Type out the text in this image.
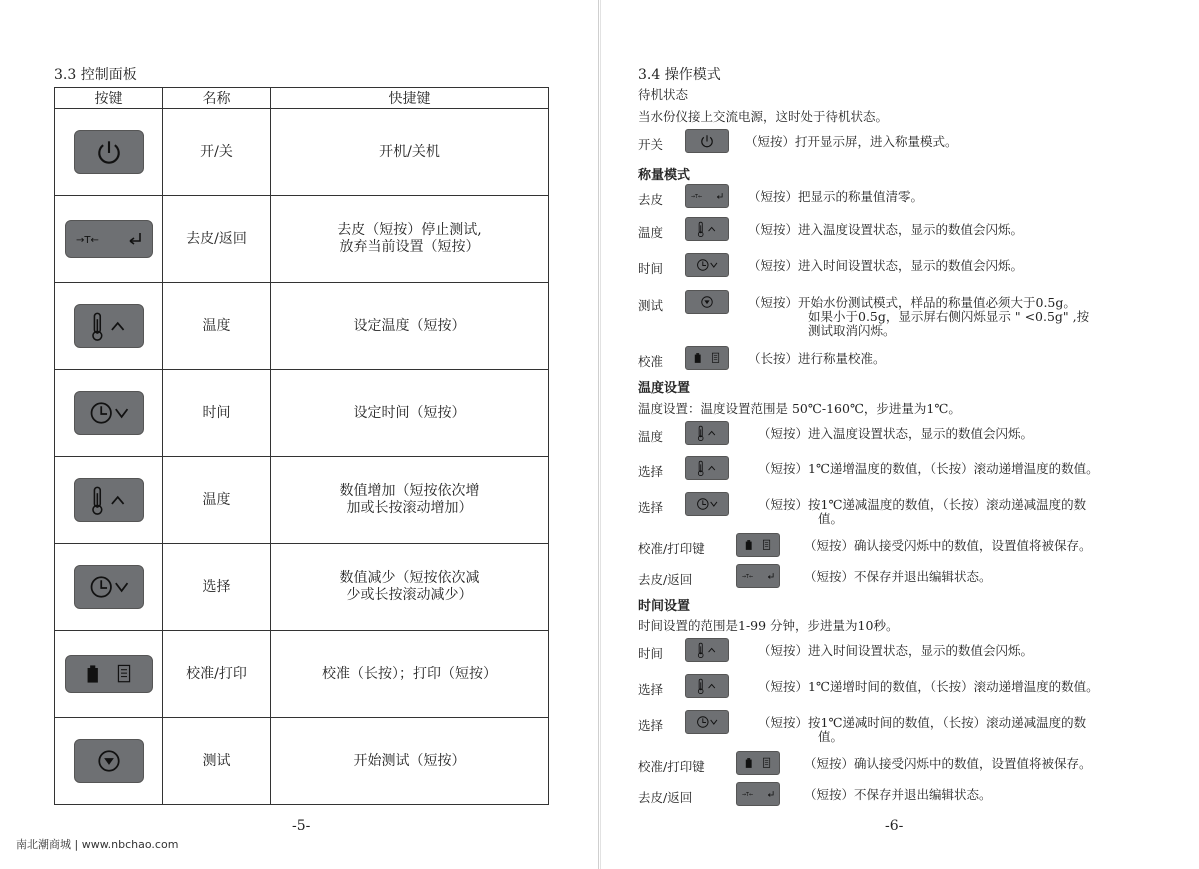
3.3 控制面板
按键	名称	快捷键

	开/关	开机/关机

→T←	去皮/返回	去皮（短按）停止测试,
放弃当前设置（短按）

	温度	设定温度（短按）

	时间	设定时间（短按）

	温度	数值增加（短按依次增
加或长按滚动增加）

	选择	数值减少（短按依次减
少或长按滚动减少）

	校准/打印	校准（长按）；打印（短按）

	测试	开始测试（短按）
-5-
南北潮商城 | www.nbchao.com
3.4 操作模式
待机状态
当水份仪接上交流电源，这时处于待机状态。
开关	（短按）打开显示屏，进入称量模式。
称量模式
温度设置
温度设置：温度设置范围是 50℃-160℃，步进量为1℃。
时间设置
时间设置的范围是1-99 分钟，步进量为10秒。
-6-
去皮	→T←	（短按）把显示的称量值清零。
温度	（短按）进入温度设置状态，显示的数值会闪烁。
时间	（短按）进入时间设置状态，显示的数值会闪烁。
测试	（短按）开始水份测试模式，样品的称量值必须大于0.5g。
如果小于0.5g，显示屏右侧闪烁显示 " <0.5g" ,按
测试取消闪烁。
校准	（长按）进行称量校准。
温度	（短按）进入温度设置状态，显示的数值会闪烁。
选择	（短按）1℃递增温度的数值，（长按）滚动递增温度的数值。
选择	（短按）按1℃递减温度的数值，（长按）滚动递减温度的数
值。
校准/打印键	（短按）确认接受闪烁中的数值，设置值将被保存。
去皮/返回	→T←	（短按）不保存并退出编辑状态。
时间	（短按）进入时间设置状态，显示的数值会闪烁。
选择	（短按）1℃递增时间的数值，（长按）滚动递增温度的数值。
选择	（短按）按1℃递减时间的数值，（长按）滚动递减温度的数
值。
校准/打印键	（短按）确认接受闪烁中的数值，设置值将被保存。
去皮/返回	→T←	（短按）不保存并退出编辑状态。
